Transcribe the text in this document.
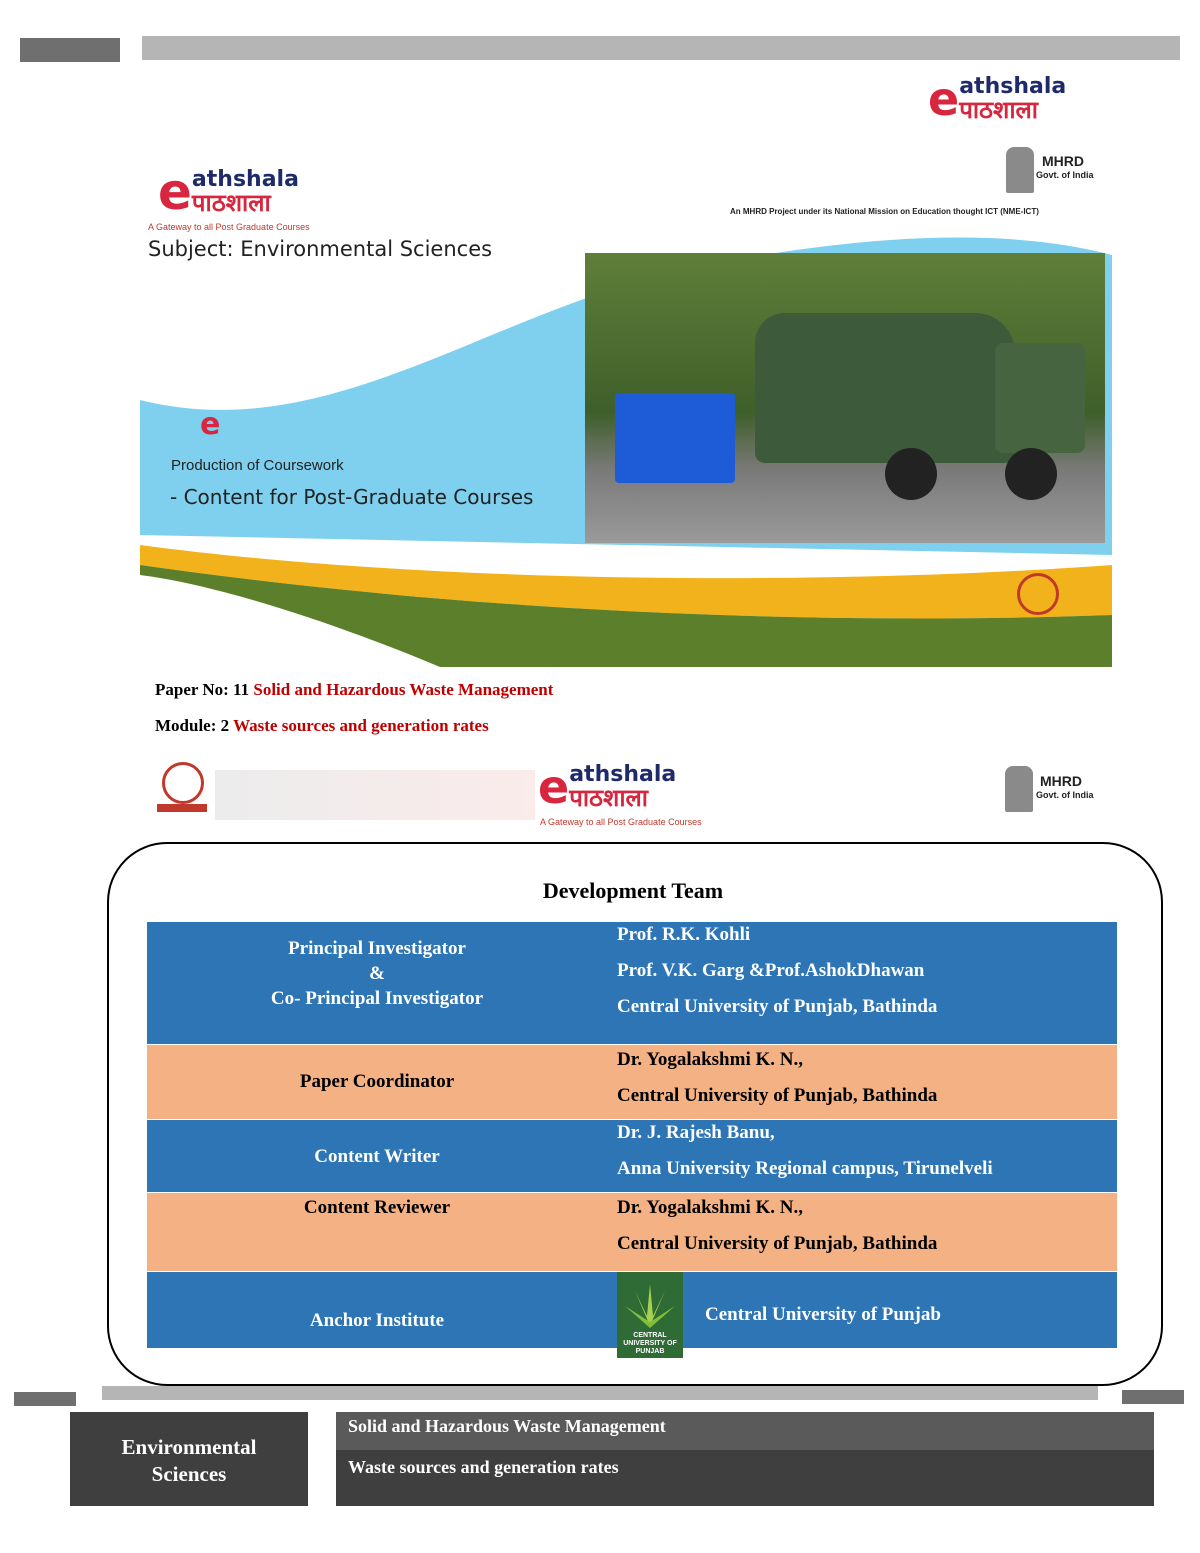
e athshala
पाठशाला
e athshala
पाठशाला
A Gateway to all Post Graduate Courses
MHRD
Govt. of India
An MHRD Project under its National Mission on Education thought ICT (NME-ICT)
Subject: Environmental Sciences
e
Production of Coursework
- Content for Post-Graduate Courses
Paper No: 11 Solid and Hazardous Waste Management
Module: 2 Waste sources and generation rates
e athshala
पाठशाला
A Gateway to all Post Graduate Courses
MHRD
Govt. of India
Development Team
Principal Investigator
&
Co- Principal Investigator
Prof. R.K. Kohli
Prof. V.K. Garg &Prof.AshokDhawan
Central University of Punjab, Bathinda
Paper Coordinator
Dr. Yogalakshmi K. N.,
Central University of Punjab, Bathinda
Content Writer
Dr. J. Rajesh Banu,
Anna University Regional campus, Tirunelveli
Content Reviewer	Dr. Yogalakshmi K. N.,
Central University of Punjab, Bathinda
Anchor Institute
CENTRAL UNIVERSITY OF PUNJAB
Central University of Punjab
Environmental
Sciences
Solid and Hazardous Waste Management
Waste sources and generation rates
